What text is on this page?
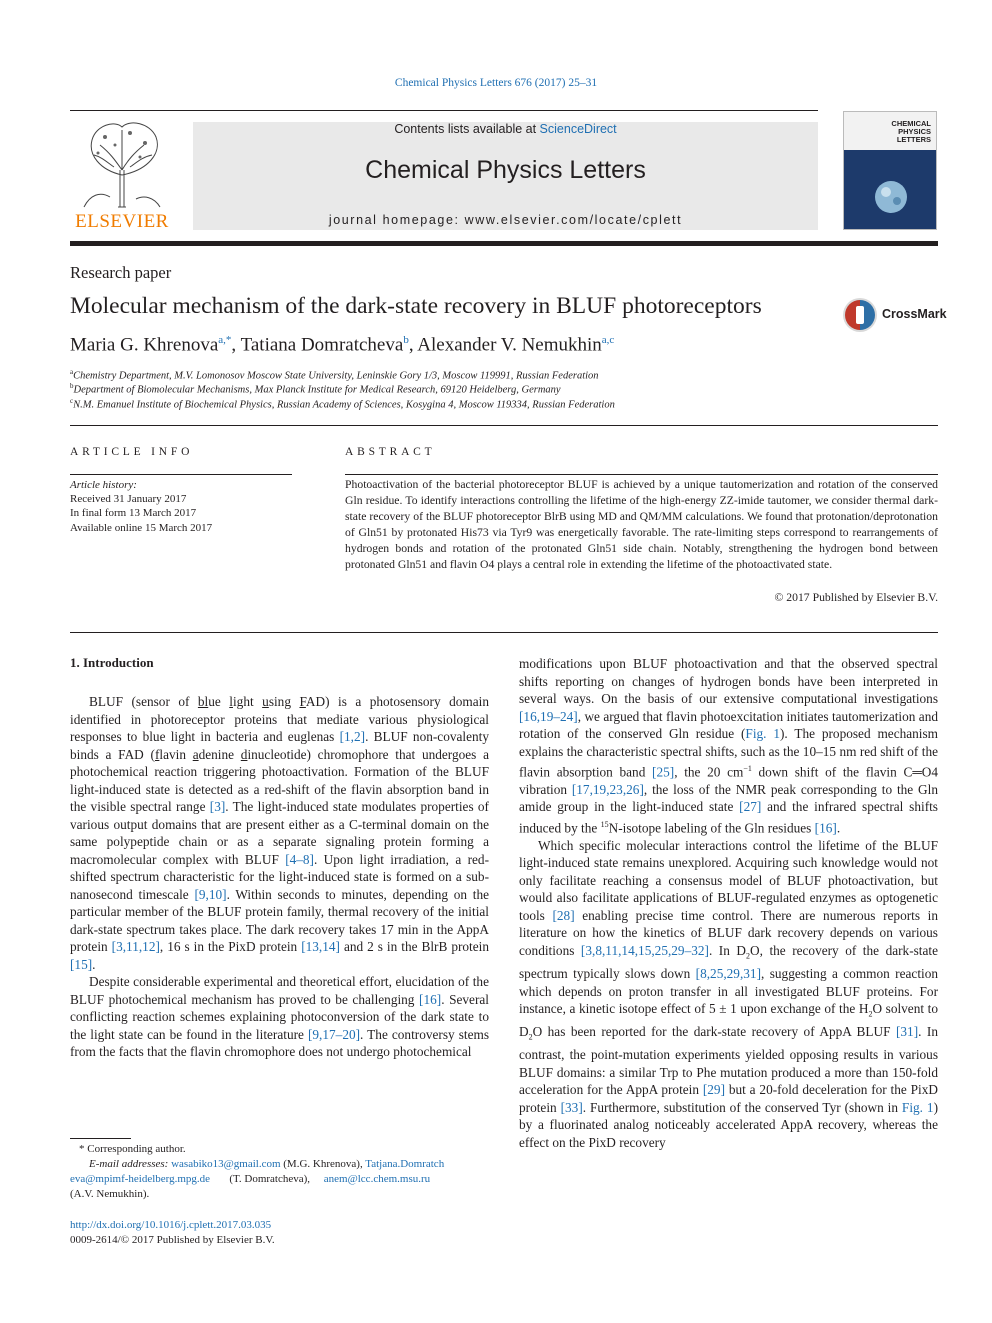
Chemical Physics Letters 676 (2017) 25–31
ELSEVIER
Contents lists available at ScienceDirect
Chemical Physics Letters
journal homepage: www.elsevier.com/locate/cplett
CHEMICAL PHYSICS LETTERS
Research paper
Molecular mechanism of the dark-state recovery in BLUF photoreceptors	CrossMark
Maria G. Khrenova$^{a,*}$, Tatiana Domratcheva$^b$, Alexander V. Nemukhin$^{a,c}$
$^a$Chemistry Department, M.V. Lomonosov Moscow State University, Leninskie Gory 1/3, Moscow 119991, Russian Federation
$^b$Department of Biomolecular Mechanisms, Max Planck Institute for Medical Research, 69120 Heidelberg, Germany
$^c$N.M. Emanuel Institute of Biochemical Physics, Russian Academy of Sciences, Kosygina 4, Moscow 119334, Russian Federation
ARTICLE INFO
Article history:
Received 31 January 2017
In final form 13 March 2017
Available online 15 March 2017
ABSTRACT
Photoactivation of the bacterial photoreceptor BLUF is achieved by a unique tautomerization and rotation of the conserved Gln residue. To identify interactions controlling the lifetime of the high-energy ZZ-imide tautomer, we consider thermal dark-state recovery of the BLUF photoreceptor BlrB using MD and QM/MM calculations. We found that protonation/deprotonation of Gln51 by protonated His73 via Tyr9 was energetically favorable. The rate-limiting steps correspond to rearrangements of hydrogen bonds and rotation of the protonated Gln51 side chain. Notably, strengthening the hydrogen bond between protonated Gln51 and flavin O4 plays a central role in extending the lifetime of the photoactivated state.
© 2017 Published by Elsevier B.V.
1. Introduction

BLUF (sensor of blue light using FAD) is a photosensory domain identified in photoreceptor proteins that mediate various physiological responses to blue light in bacteria and euglenas [1,2]. BLUF non-covalenty binds a FAD (flavin adenine dinucleotide) chromophore that undergoes a photochemical reaction triggering photoactivation. Formation of the BLUF light-induced state is detected as a red-shift of the flavin absorption band in the visible spectral range [3]. The light-induced state modulates properties of various output domains that are present either as a C-terminal domain on the same polypeptide chain or as a separate signaling protein forming a macromolecular complex with BLUF [4–8]. Upon light irradiation, a red-shifted spectrum characteristic for the light-induced state is formed on a sub-nanosecond timescale [9,10]. Within seconds to minutes, depending on the particular member of the BLUF protein family, thermal recovery of the initial dark-state spectrum takes place. The dark recovery takes 17 min in the AppA protein [3,11,12], 16 s in the PixD protein [13,14] and 2 s in the BlrB protein [15].

Despite considerable experimental and theoretical effort, elucidation of the BLUF photochemical mechanism has proved to be challenging [16]. Several conflicting reaction schemes explaining photoconversion of the dark state to the light state can be found in the literature [9,17–20]. The controversy stems from the facts that the flavin chromophore does not undergo photochemical

modifications upon BLUF photoactivation and that the observed spectral shifts reporting on changes of hydrogen bonds have been interpreted in several ways. On the basis of our extensive computational investigations [16,19–24], we argued that flavin photoexcitation initiates tautomerization and rotation of the conserved Gln residue (Fig. 1). The proposed mechanism explains the characteristic spectral shifts, such as the 10–15 nm red shift of the flavin absorption band [25], the 20 $cm^{-1}$ down shift of the flavin C═O4 vibration [17,19,23,26], the loss of the NMR peak corresponding to the Gln amide group in the light-induced state [27] and the infrared spectral shifts induced by the $^{15}$N-isotope labeling of the Gln residues [16].

Which specific molecular interactions control the lifetime of the BLUF light-induced state remains unexplored. Acquiring such knowledge would not only facilitate reaching a consensus model of BLUF photoactivation, but would also facilitate applications of BLUF-regulated enzymes as optogenetic tools [28] enabling precise time control. There are numerous reports in literature on how the kinetics of BLUF dark recovery depends on various conditions [3,8,11,14,15,25,29–32]. In $D_2O$, the recovery of the dark-state spectrum typically slows down [8,25,29,31], suggesting a common reaction which depends on proton transfer in all investigated BLUF proteins. For instance, a kinetic isotope effect of 5 ± 1 upon exchange of the $H_2O$ solvent to $D_2O$ has been reported for the dark-state recovery of AppA BLUF [31]. In contrast, the point-mutation experiments yielded opposing results in various BLUF domains: a similar Trp to Phe mutation produced a more than 150-fold acceleration for the AppA protein [29] but a 20-fold deceleration for the PixD protein [33]. Furthermore, substitution of the conserved Tyr (shown in Fig. 1) by a fluorinated analog noticeably accelerated AppA recovery, whereas the effect on the PixD recovery

* Corresponding author.
E-mail addresses: wasabiko13@gmail.com (M.G. Khrenova), Tatjana.Domratch
eva@mpimf-heidelberg.mpg.de (T. Domratcheva),     anem@lcc.chem.msu.ru
(A.V. Nemukhin).
http://dx.doi.org/10.1016/j.cplett.2017.03.035
0009-2614/© 2017 Published by Elsevier B.V.
